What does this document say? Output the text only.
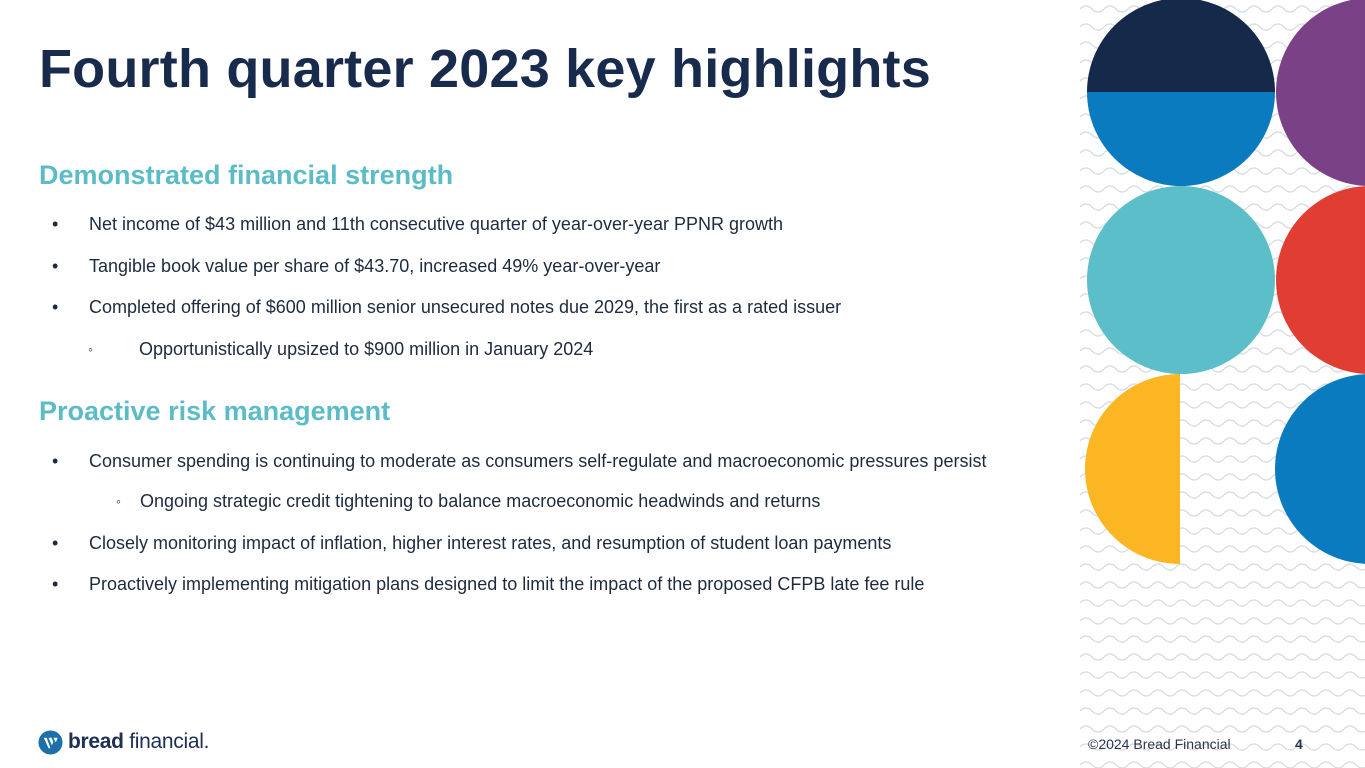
Fourth quarter 2023 key highlights
Demonstrated financial strength
• Net income of $43 million and 11th consecutive quarter of year-over-year PPNR growth
• Tangible book value per share of $43.70, increased 49% year-over-year
• Completed offering of $600 million senior unsecured notes due 2029, the first as a rated issuer
◦	Opportunistically upsized to $900 million in January 2024
Proactive risk management
• Consumer spending is continuing to moderate as consumers self-regulate and macroeconomic pressures persist
◦ Ongoing strategic credit tightening to balance macroeconomic headwinds and returns
• Closely monitoring impact of inflation, higher interest rates, and resumption of student loan payments
• Proactively implementing mitigation plans designed to limit the impact of the proposed CFPB late fee rule
bread financial.	©2024 Bread Financial	4
